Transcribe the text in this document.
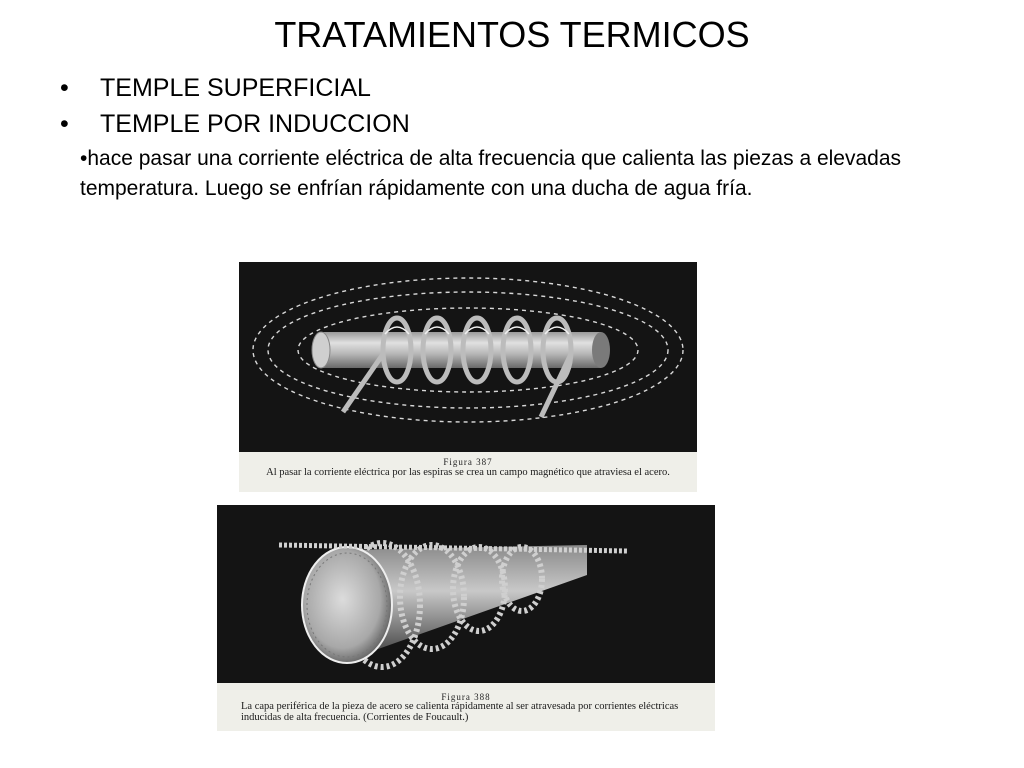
TRATAMIENTOS TERMICOS
• TEMPLE SUPERFICIAL
• TEMPLE POR INDUCCION
•hace pasar una corriente eléctrica de alta frecuencia que calienta las piezas a elevadas temperatura. Luego se enfrían rápidamente con una ducha de agua fría.
Figura 387
Al pasar la corriente eléctrica por las espiras se crea un campo magnético que atraviesa el acero.
Figura 388
La capa periférica de la pieza de acero se calienta rápidamente al ser atravesada por corrientes eléctricas inducidas de alta frecuencia. (Corrientes de Foucault.)
